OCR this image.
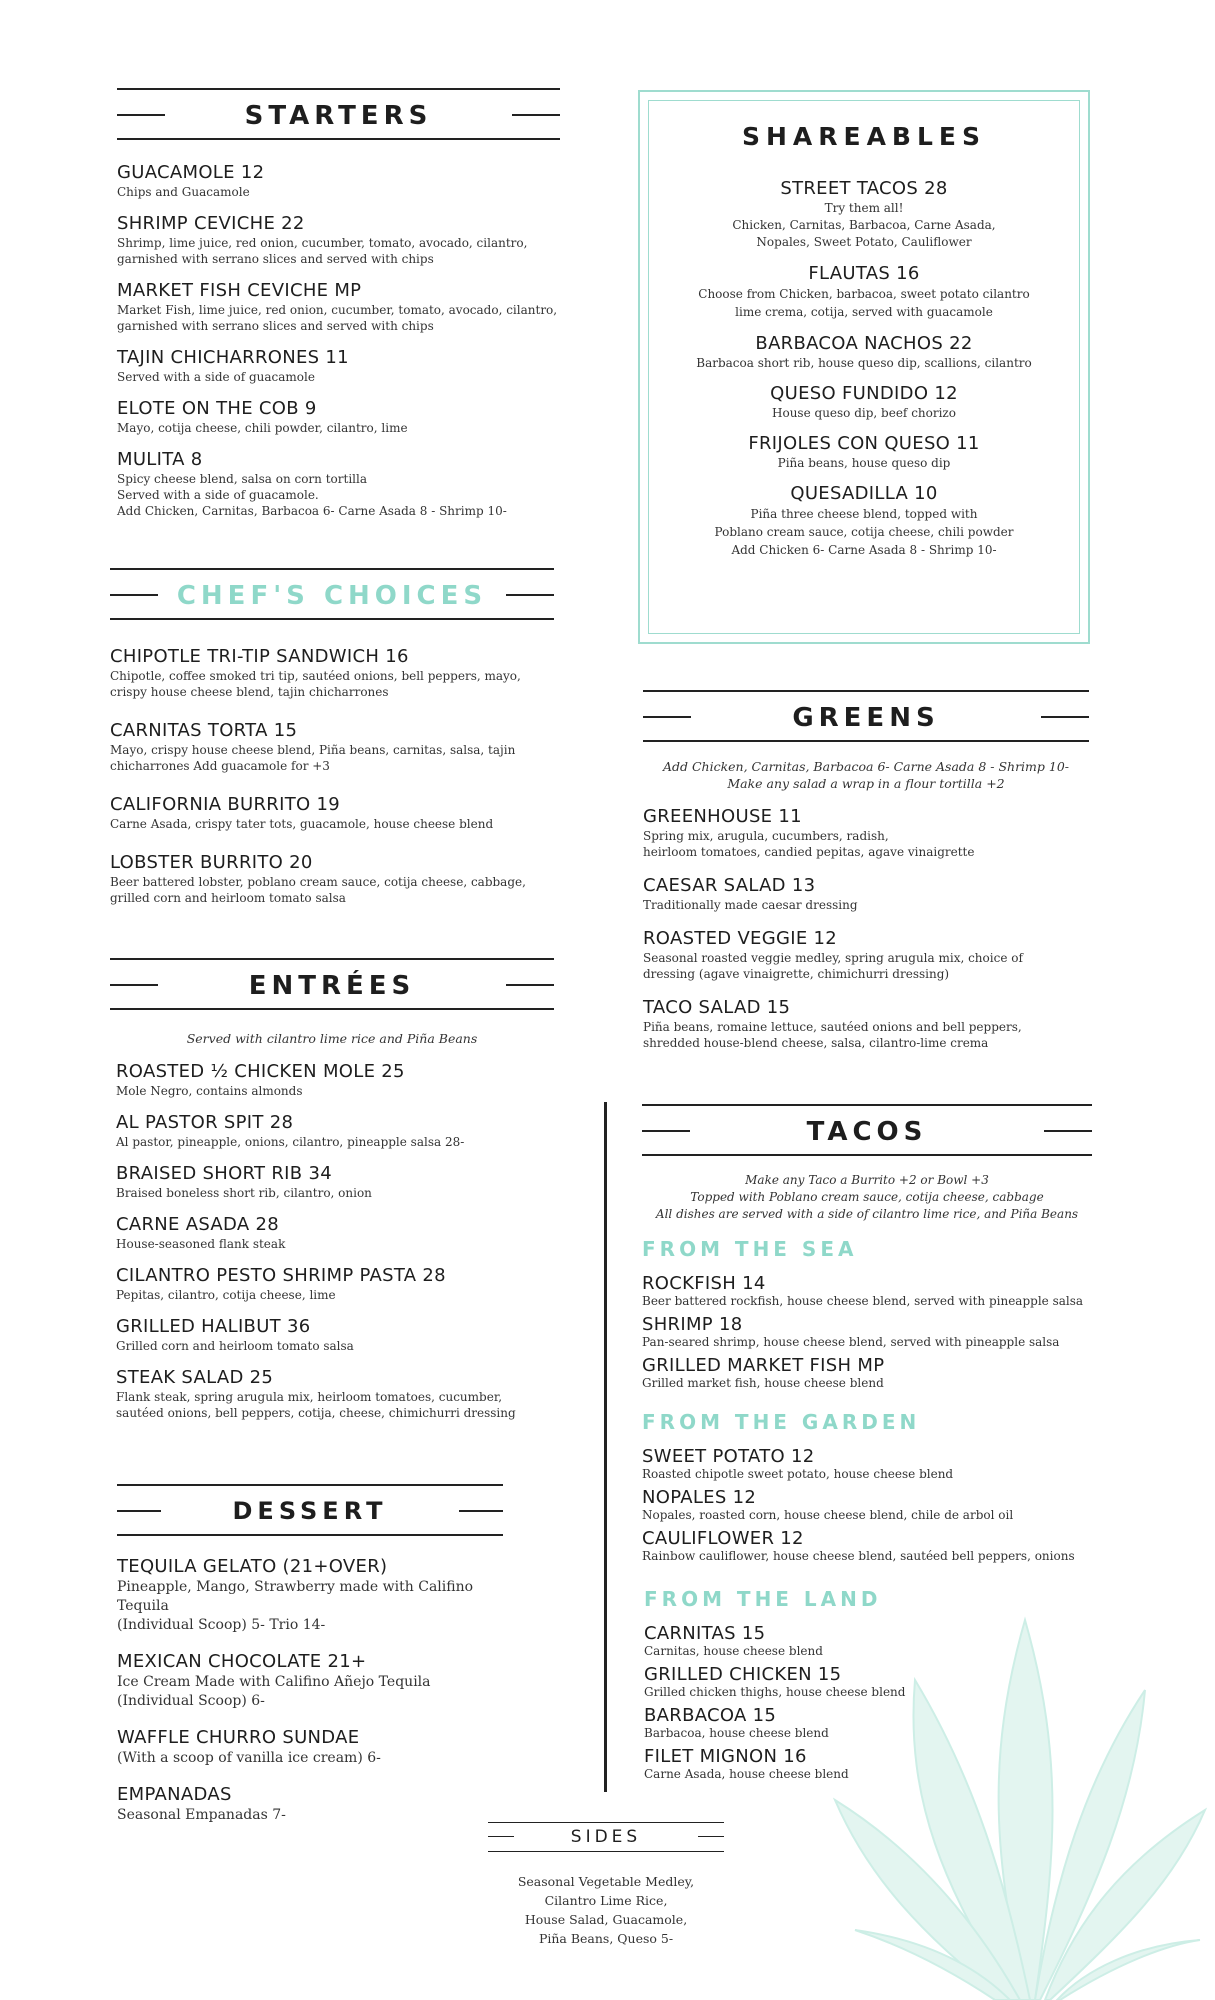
STARTERS
GUACAMOLE 12
Chips and Guacamole
SHRIMP CEVICHE 22
Shrimp, lime juice, red onion, cucumber, tomato, avocado, cilantro,
garnished with serrano slices and served with chips
MARKET FISH CEVICHE MP
Market Fish, lime juice, red onion, cucumber, tomato, avocado, cilantro,
garnished with serrano slices and served with chips
TAJIN CHICHARRONES 11
Served with a side of guacamole
ELOTE ON THE COB 9
Mayo, cotija cheese, chili powder, cilantro, lime
MULITA 8
Spicy cheese blend, salsa on corn tortilla
Served with a side of guacamole.
Add Chicken, Carnitas, Barbacoa 6- Carne Asada 8 - Shrimp 10-
CHEF'S CHOICES
CHIPOTLE TRI-TIP SANDWICH 16
Chipotle, coffee smoked tri tip, sautéed onions, bell peppers, mayo,
crispy house cheese blend, tajin chicharrones
CARNITAS TORTA 15
Mayo, crispy house cheese blend, Piña beans, carnitas, salsa, tajin
chicharrones Add guacamole for +3
CALIFORNIA BURRITO 19
Carne Asada, crispy tater tots, guacamole, house cheese blend
LOBSTER BURRITO 20
Beer battered lobster, poblano cream sauce, cotija cheese, cabbage,
grilled corn and heirloom tomato salsa
ENTRÉES
Served with cilantro lime rice and Piña Beans
ROASTED ½ CHICKEN MOLE 25
Mole Negro, contains almonds
AL PASTOR SPIT 28
Al pastor, pineapple, onions, cilantro, pineapple salsa 28-
BRAISED SHORT RIB 34
Braised boneless short rib, cilantro, onion
CARNE ASADA 28
House-seasoned flank steak
CILANTRO PESTO SHRIMP PASTA 28
Pepitas, cilantro, cotija cheese, lime
GRILLED HALIBUT 36
Grilled corn and heirloom tomato salsa
STEAK SALAD 25
Flank steak, spring arugula mix, heirloom tomatoes, cucumber,
sautéed onions, bell peppers, cotija, cheese, chimichurri dressing
DESSERT
TEQUILA GELATO (21+OVER)
Pineapple, Mango, Strawberry made with Califino Tequila
(Individual Scoop) 5- Trio 14-
MEXICAN CHOCOLATE 21+
Ice Cream Made with Califino Añejo Tequila
(Individual Scoop) 6-
WAFFLE CHURRO SUNDAE
(With a scoop of vanilla ice cream) 6-
EMPANADAS
Seasonal Empanadas 7-
SHAREABLES
STREET TACOS 28
Try them all!
Chicken, Carnitas, Barbacoa, Carne Asada,
Nopales, Sweet Potato, Cauliflower
FLAUTAS 16
Choose from Chicken, barbacoa, sweet potato cilantro
lime crema, cotija, served with guacamole
BARBACOA NACHOS 22
Barbacoa short rib, house queso dip, scallions, cilantro
QUESO FUNDIDO 12
House queso dip, beef chorizo
FRIJOLES CON QUESO 11
Piña beans, house queso dip
QUESADILLA 10
Piña three cheese blend, topped with
Poblano cream sauce, cotija cheese, chili powder
Add Chicken 6- Carne Asada 8 - Shrimp 10-
GREENS
Add Chicken, Carnitas, Barbacoa 6- Carne Asada 8 - Shrimp 10-
Make any salad a wrap in a flour tortilla +2
GREENHOUSE 11
Spring mix, arugula, cucumbers, radish,
heirloom tomatoes, candied pepitas, agave vinaigrette
CAESAR SALAD 13
Traditionally made caesar dressing
ROASTED VEGGIE 12
Seasonal roasted veggie medley, spring arugula mix, choice of
dressing (agave vinaigrette, chimichurri dressing)
TACO SALAD 15
Piña beans, romaine lettuce, sautéed onions and bell peppers,
shredded house-blend cheese, salsa, cilantro-lime crema
TACOS
Make any Taco a Burrito +2 or Bowl +3
Topped with Poblano cream sauce, cotija cheese, cabbage
All dishes are served with a side of cilantro lime rice, and Piña Beans
FROM THE SEA
ROCKFISH 14
Beer battered rockfish, house cheese blend, served with pineapple salsa
SHRIMP 18
Pan-seared shrimp, house cheese blend, served with pineapple salsa
GRILLED MARKET FISH MP
Grilled market fish, house cheese blend
FROM THE GARDEN
SWEET POTATO 12
Roasted chipotle sweet potato, house cheese blend
NOPALES 12
Nopales, roasted corn, house cheese blend, chile de arbol oil
CAULIFLOWER 12
Rainbow cauliflower, house cheese blend, sautéed bell peppers, onions
FROM THE LAND
CARNITAS 15
Carnitas, house cheese blend
GRILLED CHICKEN 15
Grilled chicken thighs, house cheese blend
BARBACOA 15
Barbacoa, house cheese blend
FILET MIGNON 16
Carne Asada, house cheese blend
SIDES
Seasonal Vegetable Medley,
Cilantro Lime Rice,
House Salad, Guacamole,
Piña Beans, Queso 5-
